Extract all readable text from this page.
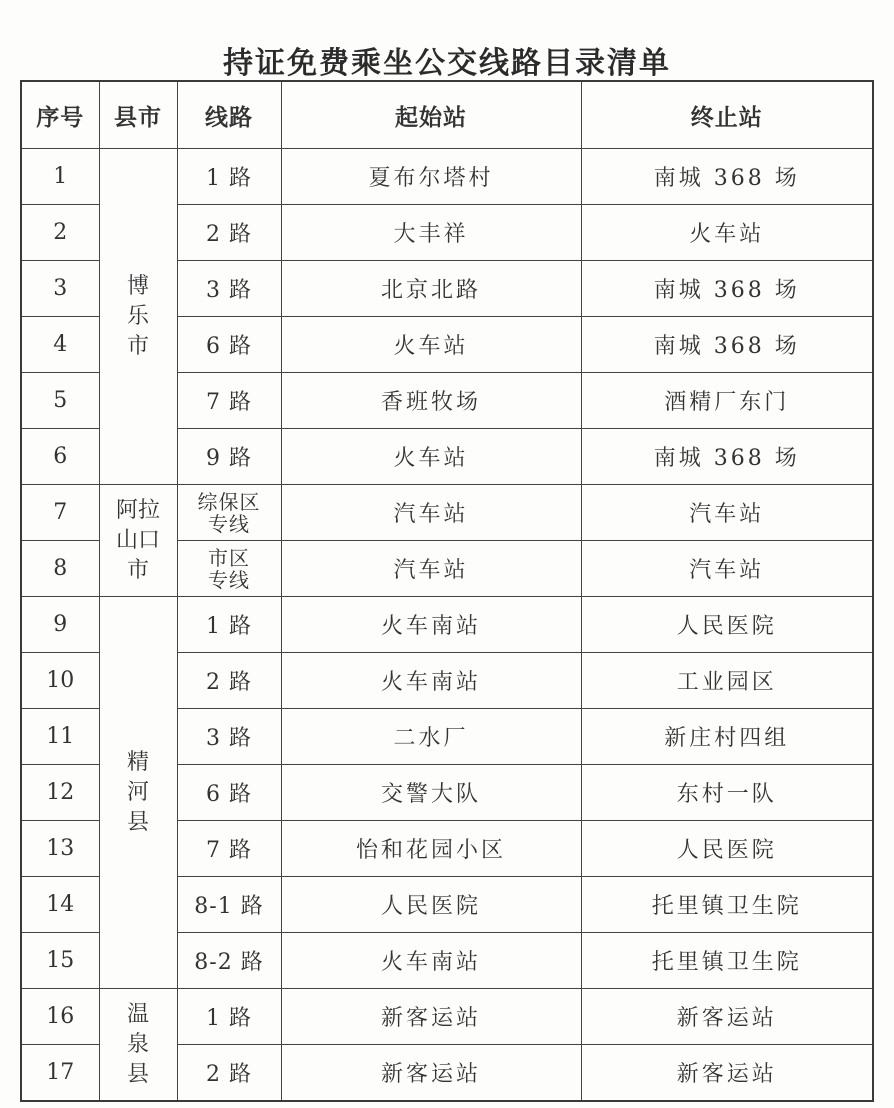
持证免费乘坐公交线路目录清单
序号	县市	线路	起始站	终止站
1	博乐市	1 路	夏布尔塔村	南城 368 场
2		2 路	大丰祥	火车站
3		3 路	北京北路	南城 368 场
4		6 路	火车站	南城 368 场
5		7 路	香班牧场	酒精厂东门
6		9 路	火车站	南城 368 场
7	阿拉山口市	综保区专线	汽车站	汽车站
8		市区专线	汽车站	汽车站
9	精河县	1 路	火车南站	人民医院
10		2 路	火车南站	工业园区
11		3 路	二水厂	新庄村四组
12		6 路	交警大队	东村一队
13		7 路	怡和花园小区	人民医院
14		8-1 路	人民医院	托里镇卫生院
15		8-2 路	火车南站	托里镇卫生院
16	温泉县	1 路	新客运站	新客运站
17		2 路	新客运站	新客运站
